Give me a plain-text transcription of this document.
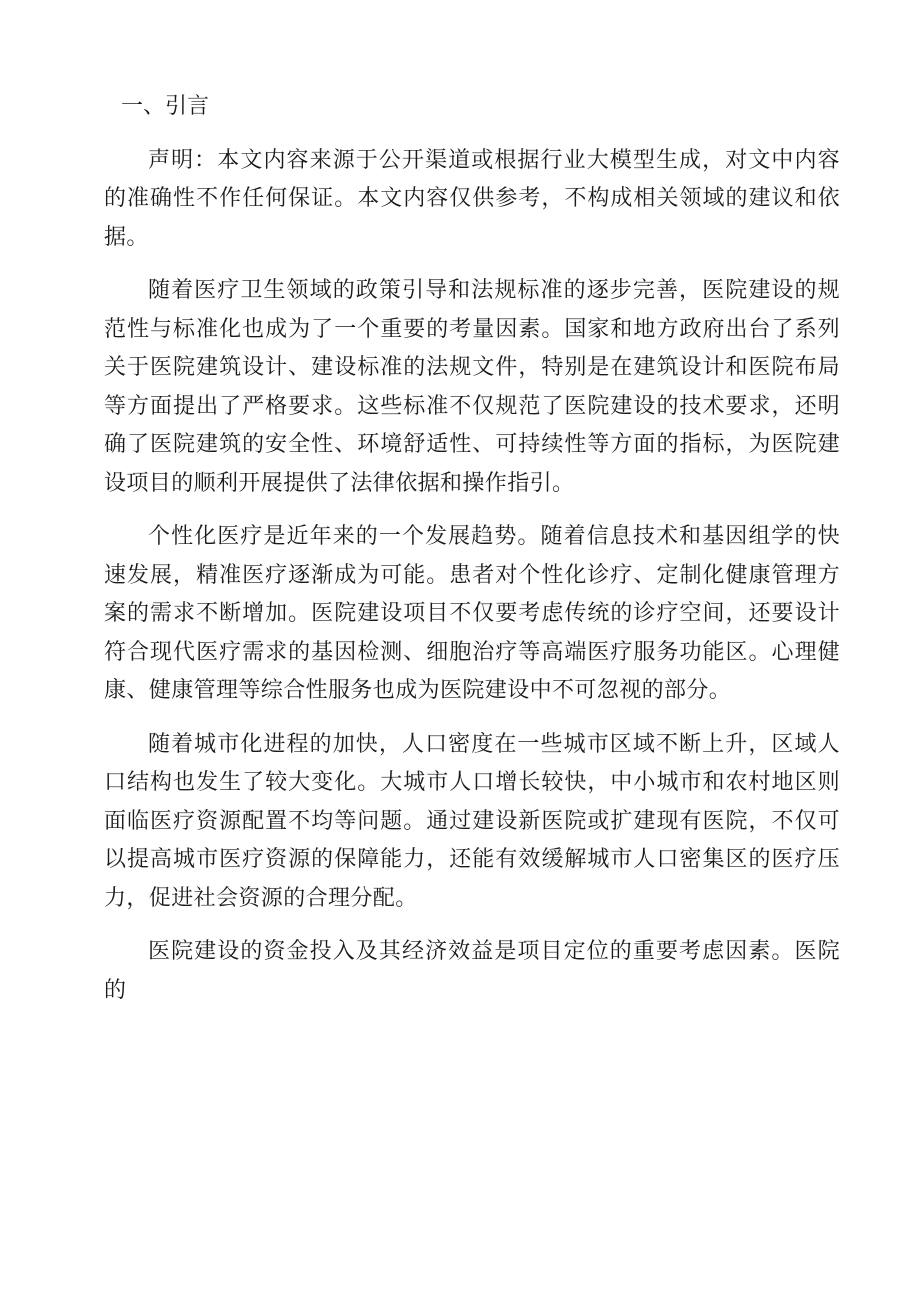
一、引言

声明：本文内容来源于公开渠道或根据行业大模型生成，对文中内容的准确性不作任何保证。本文内容仅供参考，不构成相关领域的建议和依据。

随着医疗卫生领域的政策引导和法规标准的逐步完善，医院建设的规范性与标准化也成为了一个重要的考量因素。国家和地方政府出台了系列关于医院建筑设计、建设标准的法规文件，特别是在建筑设计和医院布局等方面提出了严格要求。这些标准不仅规范了医院建设的技术要求，还明确了医院建筑的安全性、环境舒适性、可持续性等方面的指标，为医院建设项目的顺利开展提供了法律依据和操作指引。

个性化医疗是近年来的一个发展趋势。随着信息技术和基因组学的快速发展，精准医疗逐渐成为可能。患者对个性化诊疗、定制化健康管理方案的需求不断增加。医院建设项目不仅要考虑传统的诊疗空间，还要设计符合现代医疗需求的基因检测、细胞治疗等高端医疗服务功能区。心理健康、健康管理等综合性服务也成为医院建设中不可忽视的部分。

随着城市化进程的加快，人口密度在一些城市区域不断上升，区域人口结构也发生了较大变化。大城市人口增长较快，中小城市和农村地区则面临医疗资源配置不均等问题。通过建设新医院或扩建现有医院，不仅可以提高城市医疗资源的保障能力，还能有效缓解城市人口密集区的医疗压力，促进社会资源的合理分配。

医院建设的资金投入及其经济效益是项目定位的重要考虑因素。医院的
